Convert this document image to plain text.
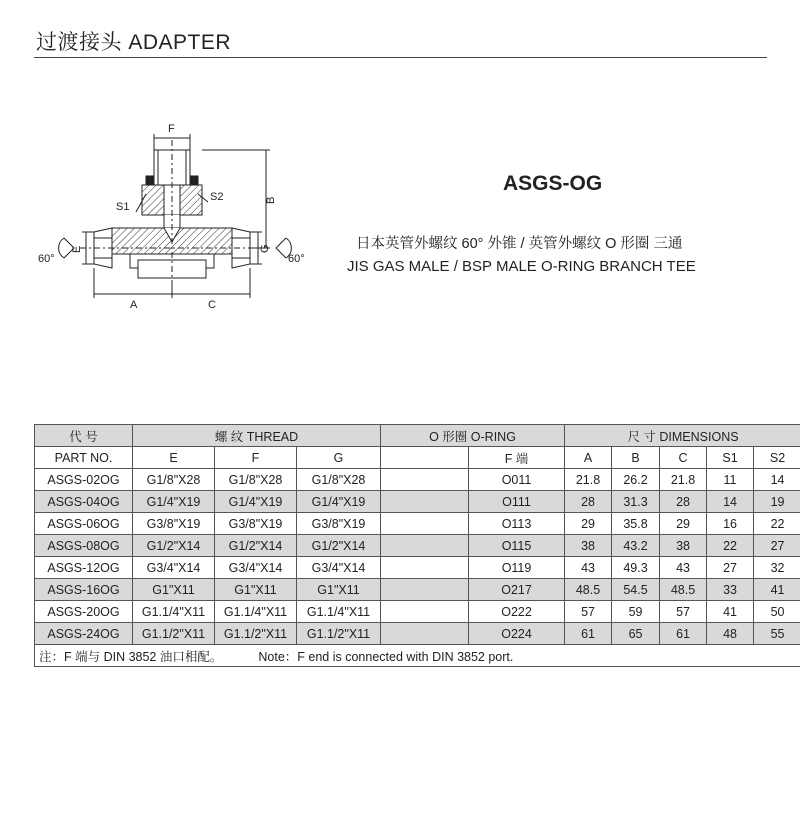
过渡接头 ADAPTER
F
B
S1
S2
E	G
A	C
60°	60°
ASGS-OG
日本英管外螺纹 60° 外锥 / 英管外螺纹 O 形圈 三通
JIS GAS MALE / BSP MALE O-RING BRANCH TEE
代 号	螺 纹 THREAD			O 形圈 O-RING		尺 寸 DIMENSIONS				
PART NO.	E	F	G		F 端	A	B	C	S1	S2
ASGS-02OG	G1/8"X28	G1/8"X28	G1/8"X28		O011	21.8	26.2	21.8	11	14
ASGS-04OG	G1/4"X19	G1/4"X19	G1/4"X19		O111	28	31.3	28	14	19
ASGS-06OG	G3/8"X19	G3/8"X19	G3/8"X19		O113	29	35.8	29	16	22
ASGS-08OG	G1/2"X14	G1/2"X14	G1/2"X14		O115	38	43.2	38	22	27
ASGS-12OG	G3/4"X14	G3/4"X14	G3/4"X14		O119	43	49.3	43	27	32
ASGS-16OG	G1"X11	G1"X11	G1"X11		O217	48.5	54.5	48.5	33	41
ASGS-20OG	G1.1/4"X11	G1.1/4"X11	G1.1/4"X11		O222	57	59	57	41	50
ASGS-24OG	G1.1/2"X11	G1.1/2"X11	G1.1/2"X11		O224	61	65	61	48	55
注：F 端与 DIN 3852 油口相配。 Note：F end is connected with DIN 3852 port.										
